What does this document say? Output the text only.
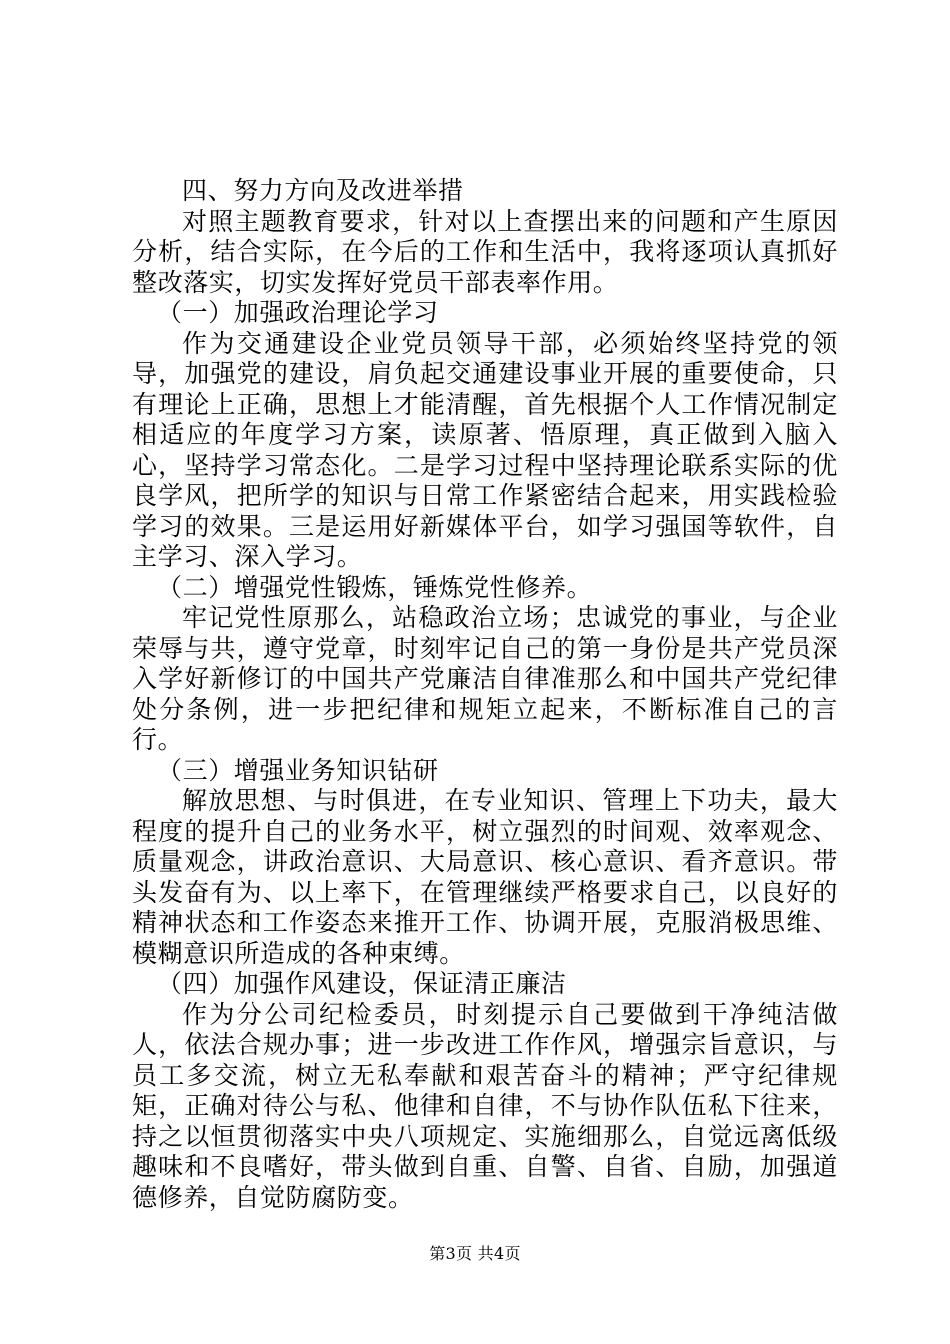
四、努力方向及改进举措

对照主题教育要求，针对以上查摆出来的问题和产生原因分析，结合实际，在今后的工作和生活中，我将逐项认真抓好整改落实，切实发挥好党员干部表率作用。

（一）加强政治理论学习

作为交通建设企业党员领导干部，必须始终坚持党的领导，加强党的建设，肩负起交通建设事业开展的重要使命，只有理论上正确，思想上才能清醒，首先根据个人工作情况制定相适应的年度学习方案，读原著、悟原理，真正做到入脑入心，坚持学习常态化。二是学习过程中坚持理论联系实际的优良学风，把所学的知识与日常工作紧密结合起来，用实践检验学习的效果。三是运用好新媒体平台，如学习强国等软件，自主学习、深入学习。

（二）增强党性锻炼，锤炼党性修养。

牢记党性原那么，站稳政治立场；忠诚党的事业，与企业荣辱与共，遵守党章，时刻牢记自己的第一身份是共产党员深入学好新修订的中国共产党廉洁自律准那么和中国共产党纪律处分条例，进一步把纪律和规矩立起来，不断标准自己的言行。

（三）增强业务知识钻研

解放思想、与时俱进，在专业知识、管理上下功夫，最大程度的提升自己的业务水平，树立强烈的时间观、效率观念、质量观念，讲政治意识、大局意识、核心意识、看齐意识。带头发奋有为、以上率下，在管理继续严格要求自己，以良好的精神状态和工作姿态来推开工作、协调开展，克服消极思维、模糊意识所造成的各种束缚。

（四）加强作风建设，保证清正廉洁

作为分公司纪检委员，时刻提示自己要做到干净纯洁做人，依法合规办事；进一步改进工作作风，增强宗旨意识，与员工多交流，树立无私奉献和艰苦奋斗的精神；严守纪律规矩，正确对待公与私、他律和自律，不与协作队伍私下往来，持之以恒贯彻落实中央八项规定、实施细那么，自觉远离低级趣味和不良嗜好，带头做到自重、自警、自省、自励，加强道德修养，自觉防腐防变。

第3页 共4页
